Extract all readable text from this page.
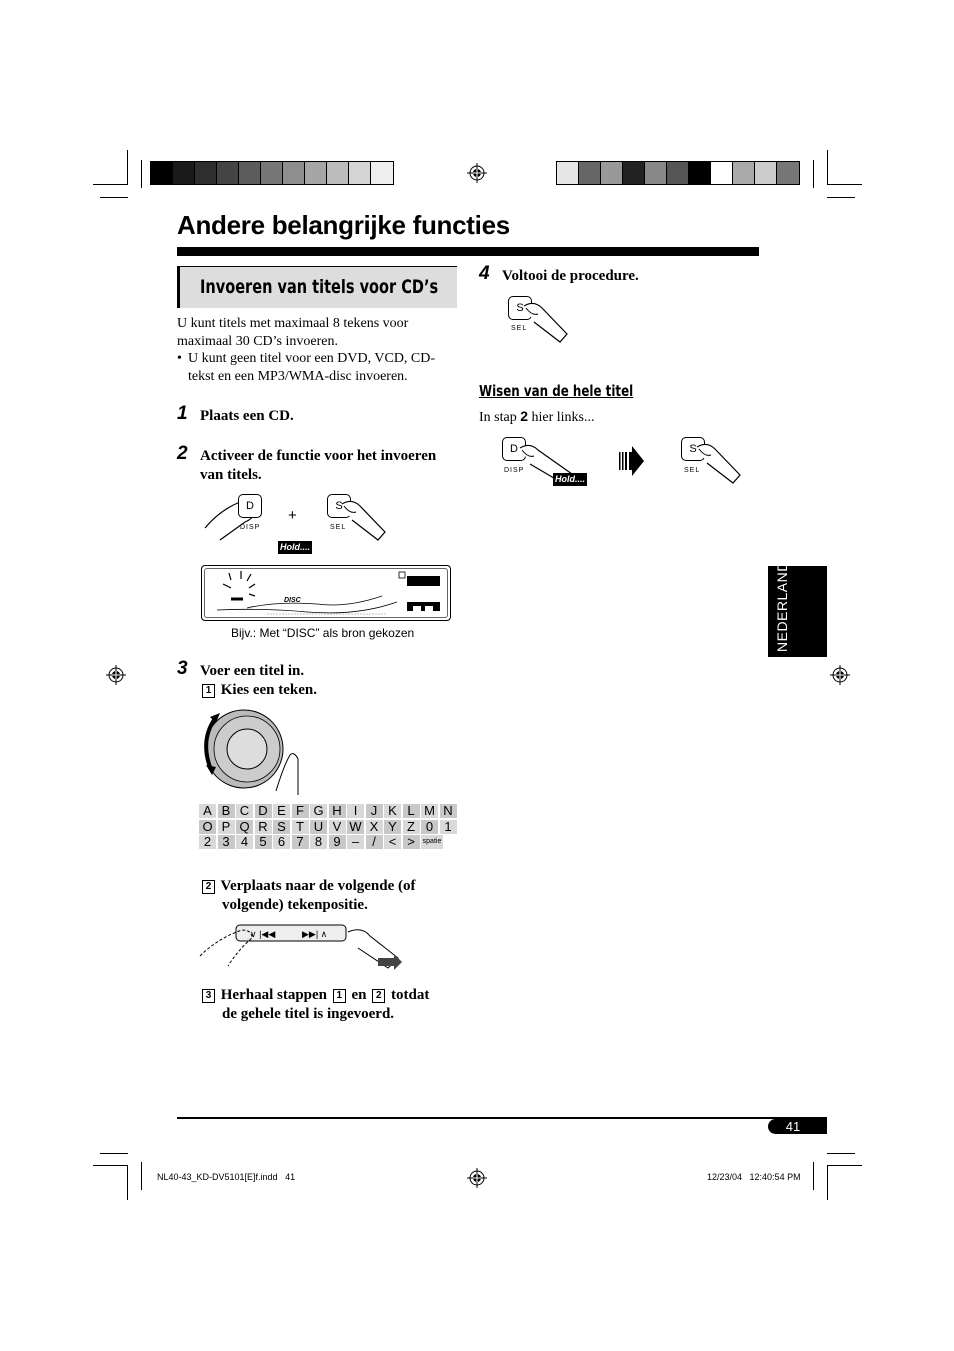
Andere belangrijke functies
Invoeren van titels voor CD’s
U kunt titels met maximaal 8 tekens voor
maximaal 30 CD’s invoeren.
• U kunt geen titel voor een DVD, VCD, CD-
tekst en een MP3/WMA-disc invoeren.
1 Plaats een CD.
2 Activeer de functie voor het invoeren
van titels.
D
DISP
+
S
SEL
Hold....
DISC
Bijv.: Met “DISC” als bron gekozen
3 Voer een titel in.
1 Kies een teken.
A B C D E F G H I	J K L M N
O P Q R S T U V W X Y Z 0 1
2 3 4 5 6 7 8 9 –	/ < >	spatie
2 Verplaats naar de volgende (of
volgende) tekenpositie.
∨ |◀◀	▶▶| ∧
3 Herhaal stappen 1 en 2 totdat
de gehele titel is ingevoerd.
4 Voltooi de procedure.
S
SEL
Wisen van de hele titel
In stap 2 hier links...
D
DISP
Hold....
S
SEL
NEDERLANDS
41
NL40-43_KD-DV5101[E]f.indd   41	12/23/04   12:40:54 PM
